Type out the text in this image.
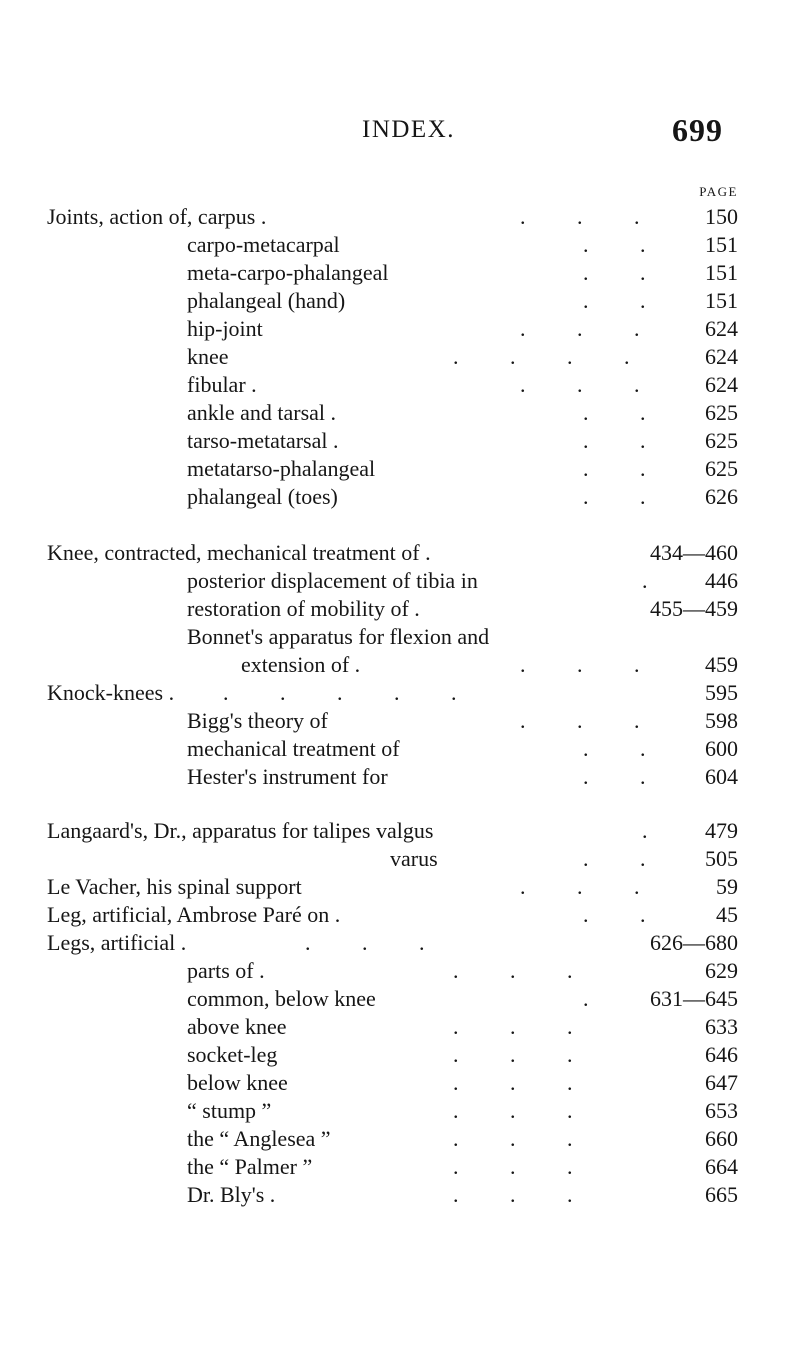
INDEX.	699
PAGE
Joints, action of, carpus .	. . .	150
carpo-metacarpal	. .	151
meta-carpo-phalangeal	. .	151
phalangeal (hand)	. .	151
hip-joint	. . .	624
knee	. . . .	624
fibular .	. . .	624
ankle and tarsal .	. .	625
tarso-metatarsal .	. .	625
metatarso-phalangeal	. .	625
phalangeal (toes)	. .	626
Knee, contracted, mechanical treatment of .	434—460
posterior displacement of tibia in	.	446
restoration of mobility of .	455—459
Bonnet's apparatus for flexion and
extension of .	. . .	459
Knock-knees . . . . . .	595
Bigg's theory of	. . .	598
mechanical treatment of	. .	600
Hester's instrument for	. .	604
Langaard's, Dr., apparatus for talipes valgus	.	479
varus	. .	505
Le Vacher, his spinal support	. . .	59
Leg, artificial, Ambrose Paré on .	. .	45
Legs, artificial .	. . .	626—680
parts of .	. . .	629
common, below knee	.	631—645
above knee	. . .	633
socket-leg	. . .	646
below knee	. . .	647
“ stump ”	. . .	653
the “ Anglesea ”	. . .	660
the “ Palmer ”	. . .	664
Dr. Bly's .	. . .	665
